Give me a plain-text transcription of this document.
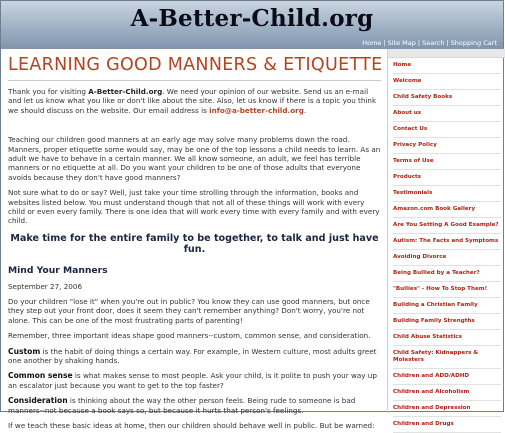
A-Better-Child.org
Home | Site Map | Search | Shopping Cart
LEARNING GOOD MANNERS & ETIQUETTE

Thank you for visiting A-Better-Child.org. We need your opinion of our website. Send us an e-mail and let us know what you like or don't like about the site. Also, let us know if there is a topic you think we should discuss on the website. Our email address is info@a-better-child.org.

Teaching our children good manners at an early age may solve many problems down the road. Manners, proper etiquette some would say, may be one of the top lessons a child needs to learn. As an adult we have to behave in a certain manner. We all know someone, an adult, we feel has terrible manners or no etiquette at all. Do you want your children to be one of those adults that everyone avoids because they don't have good manners?

Not sure what to do or say? Well, just take your time strolling through the information, books and websites listed below. You must understand though that not all of these things will work with every child or even every family. There is one idea that will work every time with every family and with every child.

Make time for the entire family to be together, to talk and just have fun.
Mind Your Manners
September 27, 2006

Do your children "lose it" when you're out in public? You know they can use good manners, but once they step out your front door, does it seem they can't remember anything? Don't worry, you're not alone. This can be one of the most frustrating parts of parenting!

Remember, three important ideas shape good manners--custom, common sense, and consideration.

Custom is the habit of doing things a certain way. For example, in Western culture, most adults greet one another by shaking hands.

Common sense is what makes sense to most people. Ask your child, is it polite to push your way up an escalator just because you want to get to the top faster?

Consideration is thinking about the way the other person feels. Being rude to someone is bad manners--not because a book says so, but because it hurts that person's feelings.

If we teach these basic ideas at home, then our children should behave well in public. But be warned:

Home
Welcome
Child Safety Books
About us
Contact Us
Privacy Policy
Terms of Use
Products
Testimonials
Amazon.com Book Gallery
Are You Setting A Good Example?
Autism: The Facts and Symptoms
Avoiding Divorce
Being Bullied by a Teacher?
"Bullies" - How To Stop Them!
Building a Christian Family
Building Family Strengths
Child Abuse Statistics
Child Safety: Kidnappers & Molesters
Children and ADD/ADHD
Children and Alcoholism
Children and Depression
Children and Drugs
